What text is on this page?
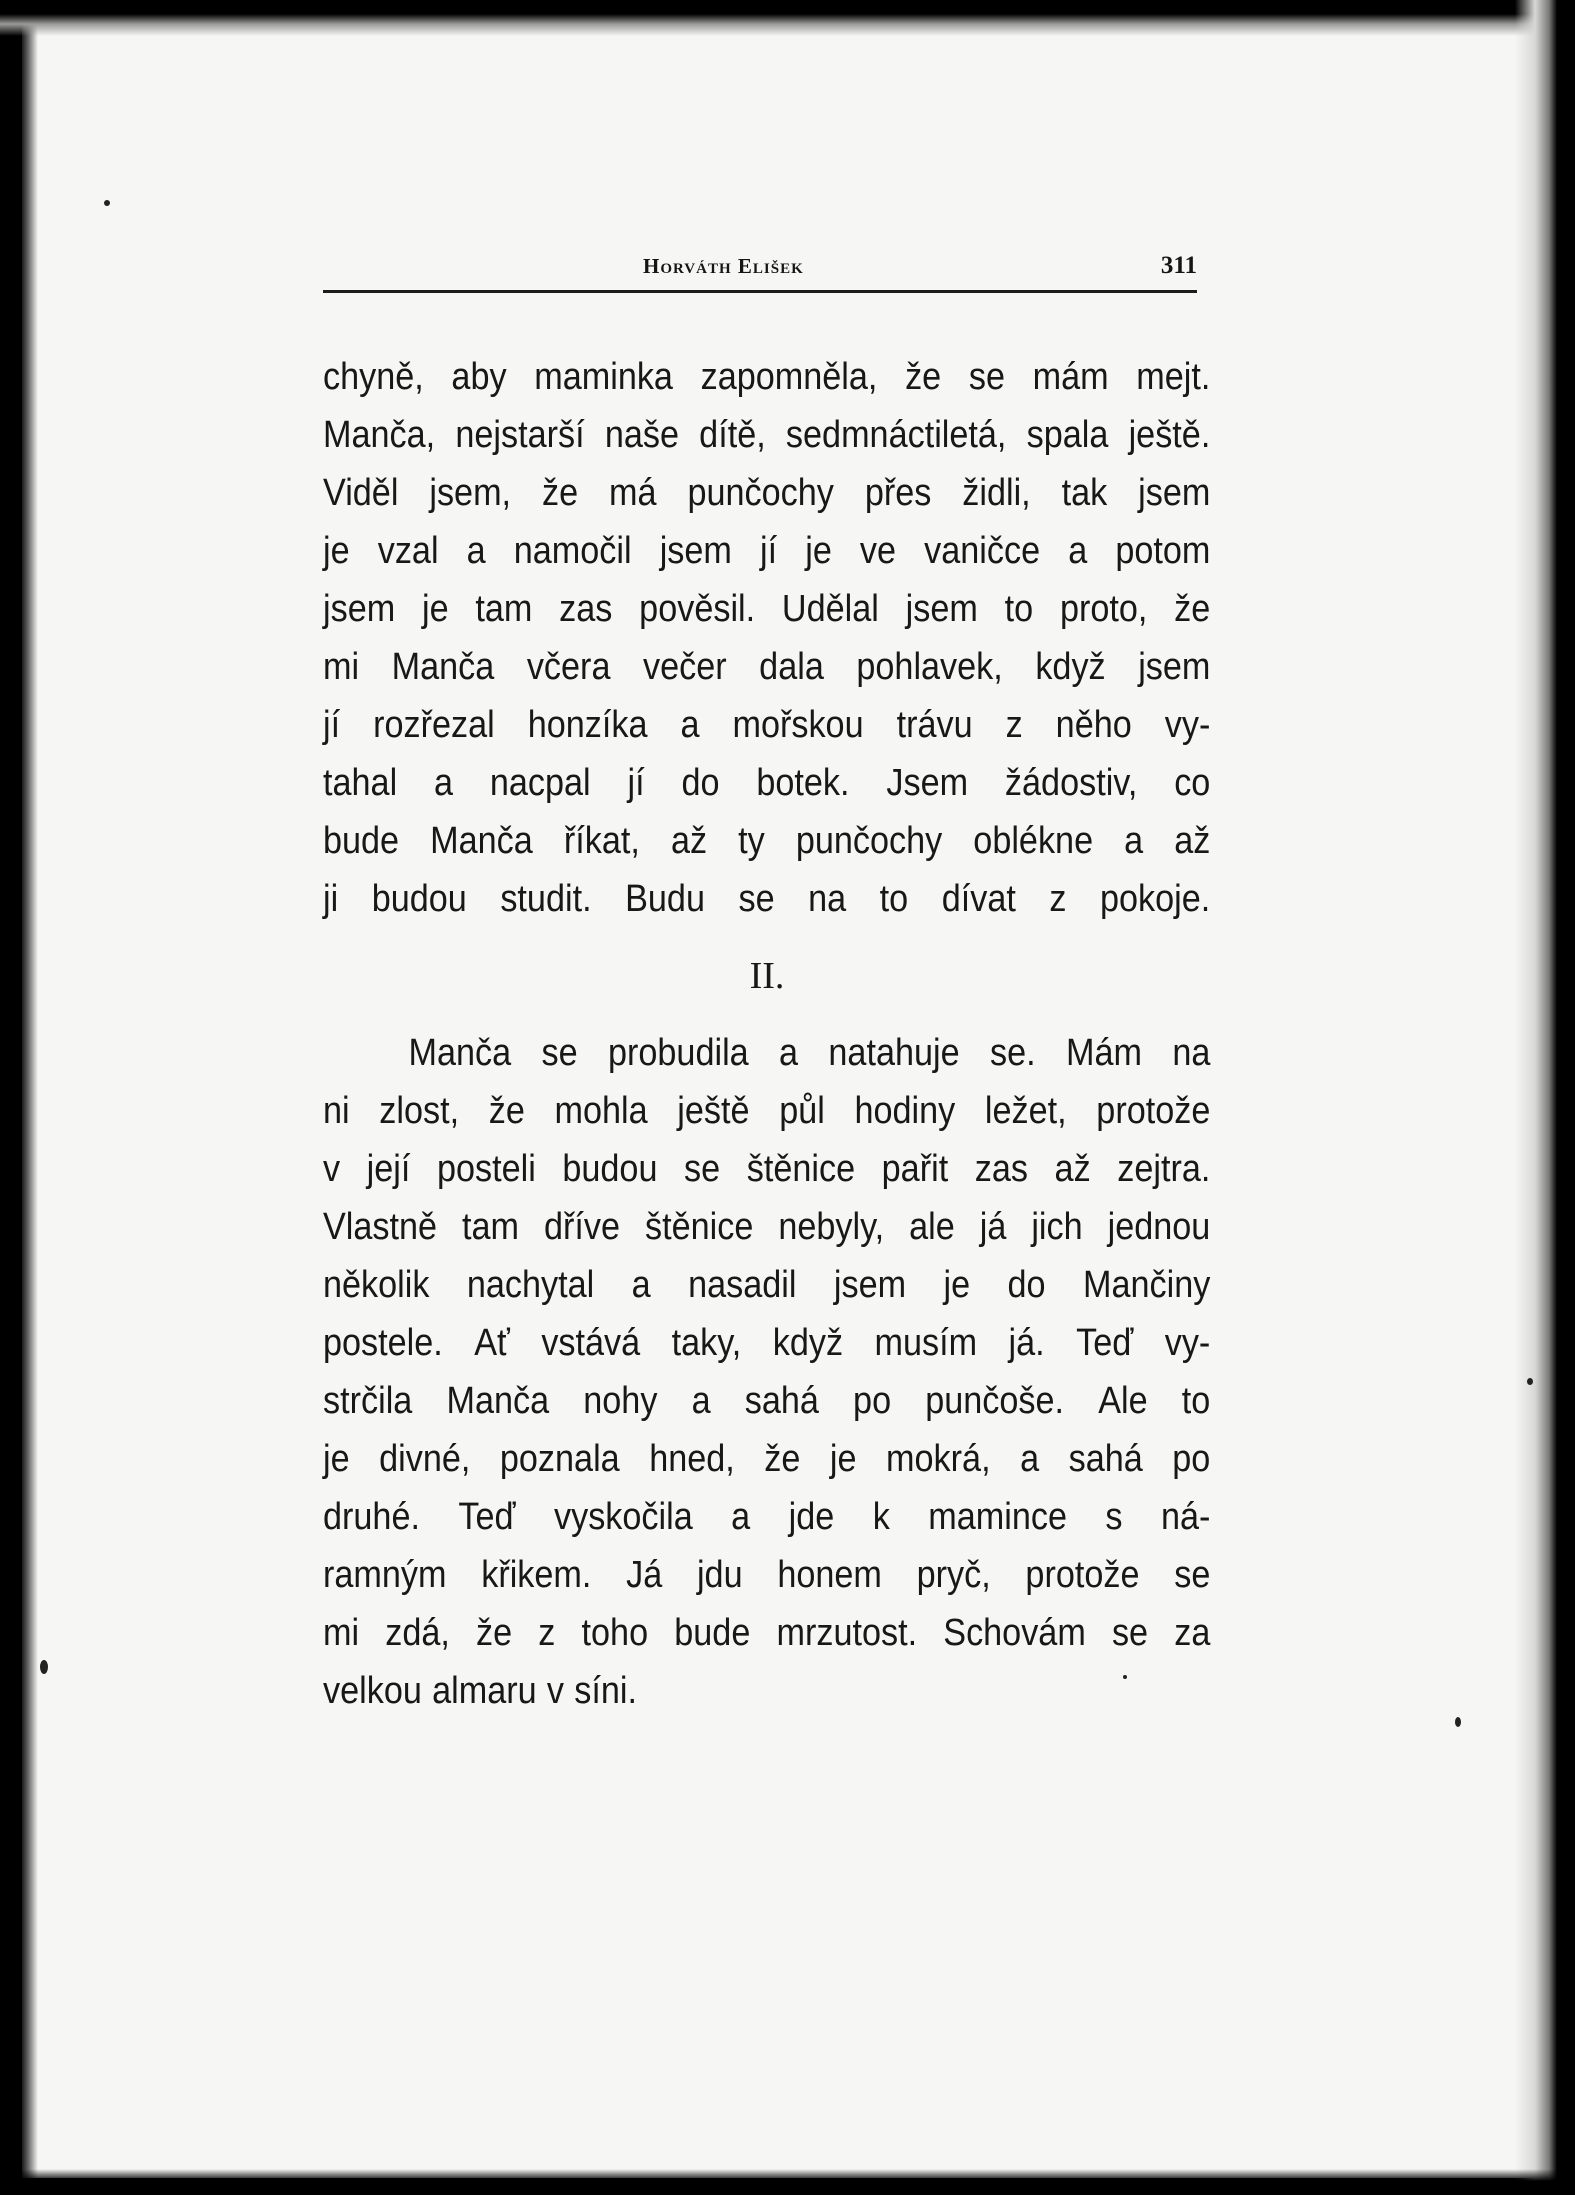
Horváth Elišek	311
chyně, aby maminka zapomněla, že se mám mejt.
Manča, nejstarší naše dítě, sedmnáctiletá, spala ještě.
Viděl jsem, že má punčochy přes židli, tak jsem
je vzal a namočil jsem jí je ve vaničce a potom
jsem je tam zas pověsil. Udělal jsem to proto, že
mi Manča včera večer dala pohlavek, když jsem
jí rozřezal honzíka a mořskou trávu z něho vy-
tahal a nacpal jí do botek. Jsem žádostiv, co
bude Manča říkat, až ty punčochy obléknе a až
ji budou studit. Budu se na to dívat z pokoje.
II.
Manča se probudila a natahuje se. Mám na
ni zlost, že mohla ještě půl hodiny ležet, protože
v její posteli budou se štěnice pařit zas až zejtra.
Vlastně tam dříve štěnice nebyly, ale já jich jednou
několik nachytal a nasadil jsem je do Mančiny
postele. Ať vstává taky, když musím já. Teď vy-
strčila Manča nohy a sahá po punčoše. Ale to
je divné, poznala hned, že je mokrá, a sahá po
druhé. Teď vyskočila a jde k mamince s ná-
ramným křikem. Já jdu honem pryč, protože se
mi zdá, že z toho bude mrzutost. Schovám se za
velkou almaru v síni.
